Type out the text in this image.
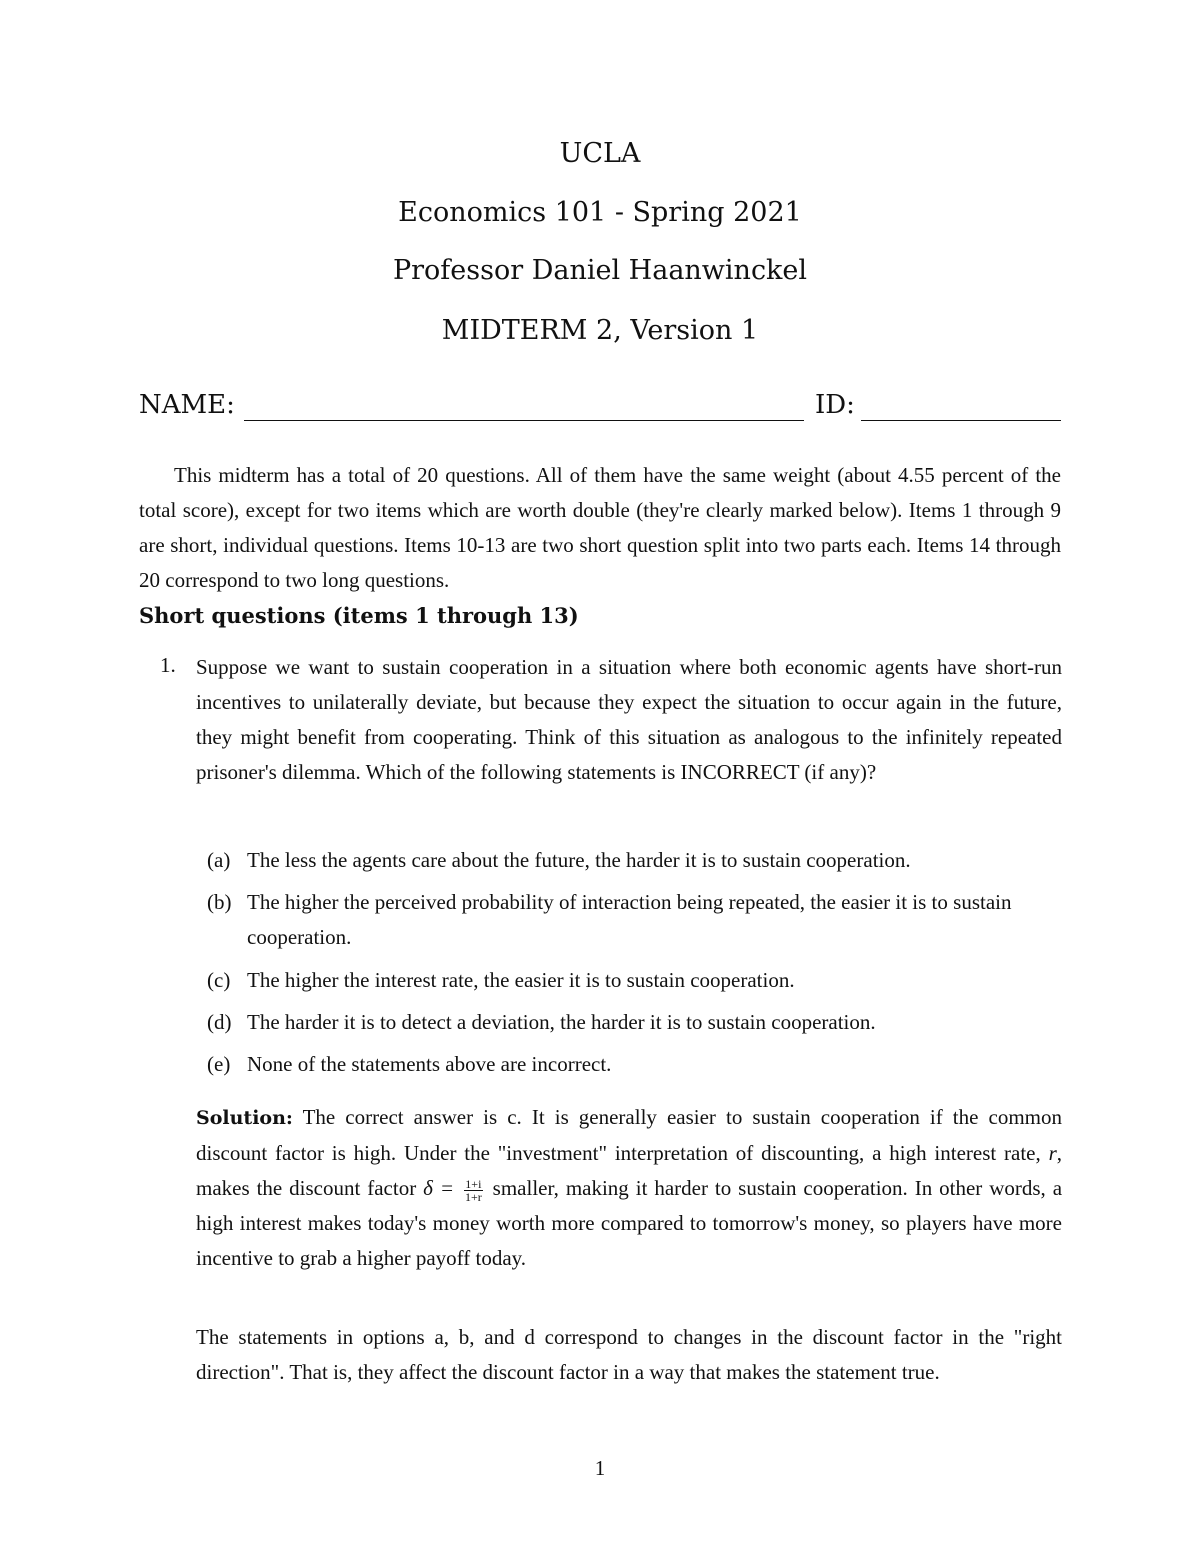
UCLA
Economics 101 - Spring 2021
Professor Daniel Haanwinckel
MIDTERM 2, Version 1
NAME:	ID:
This midterm has a total of 20 questions. All of them have the same weight (about 4.55 percent of the total score), except for two items which are worth double (they're clearly marked below). Items 1 through 9 are short, individual questions. Items 10-13 are two short question split into two parts each. Items 14 through 20 correspond to two long questions.
Short questions (items 1 through 13)
1. Suppose we want to sustain cooperation in a situation where both economic agents have short-run incentives to unilaterally deviate, but because they expect the situation to occur again in the future, they might benefit from cooperating. Think of this situation as analogous to the infinitely repeated prisoner's dilemma. Which of the following statements is INCORRECT (if any)?
(a) The less the agents care about the future, the harder it is to sustain cooperation.
(b) The higher the perceived probability of interaction being repeated, the easier it is to sustain cooperation.
(c) The higher the interest rate, the easier it is to sustain cooperation.
(d) The harder it is to detect a deviation, the harder it is to sustain cooperation.
(e) None of the statements above are incorrect.
Solution: The correct answer is c. It is generally easier to sustain cooperation if the common discount factor is high. Under the "investment" interpretation of discounting, a high interest rate, r, makes the discount factor $\delta = \frac{1+i}{1+r}$ smaller, making it harder to sustain cooperation. In other words, a high interest makes today's money worth more compared to tomorrow's money, so players have more incentive to grab a higher payoff today.
The statements in options a, b, and d correspond to changes in the discount factor in the "right direction". That is, they affect the discount factor in a way that makes the statement true.
1
